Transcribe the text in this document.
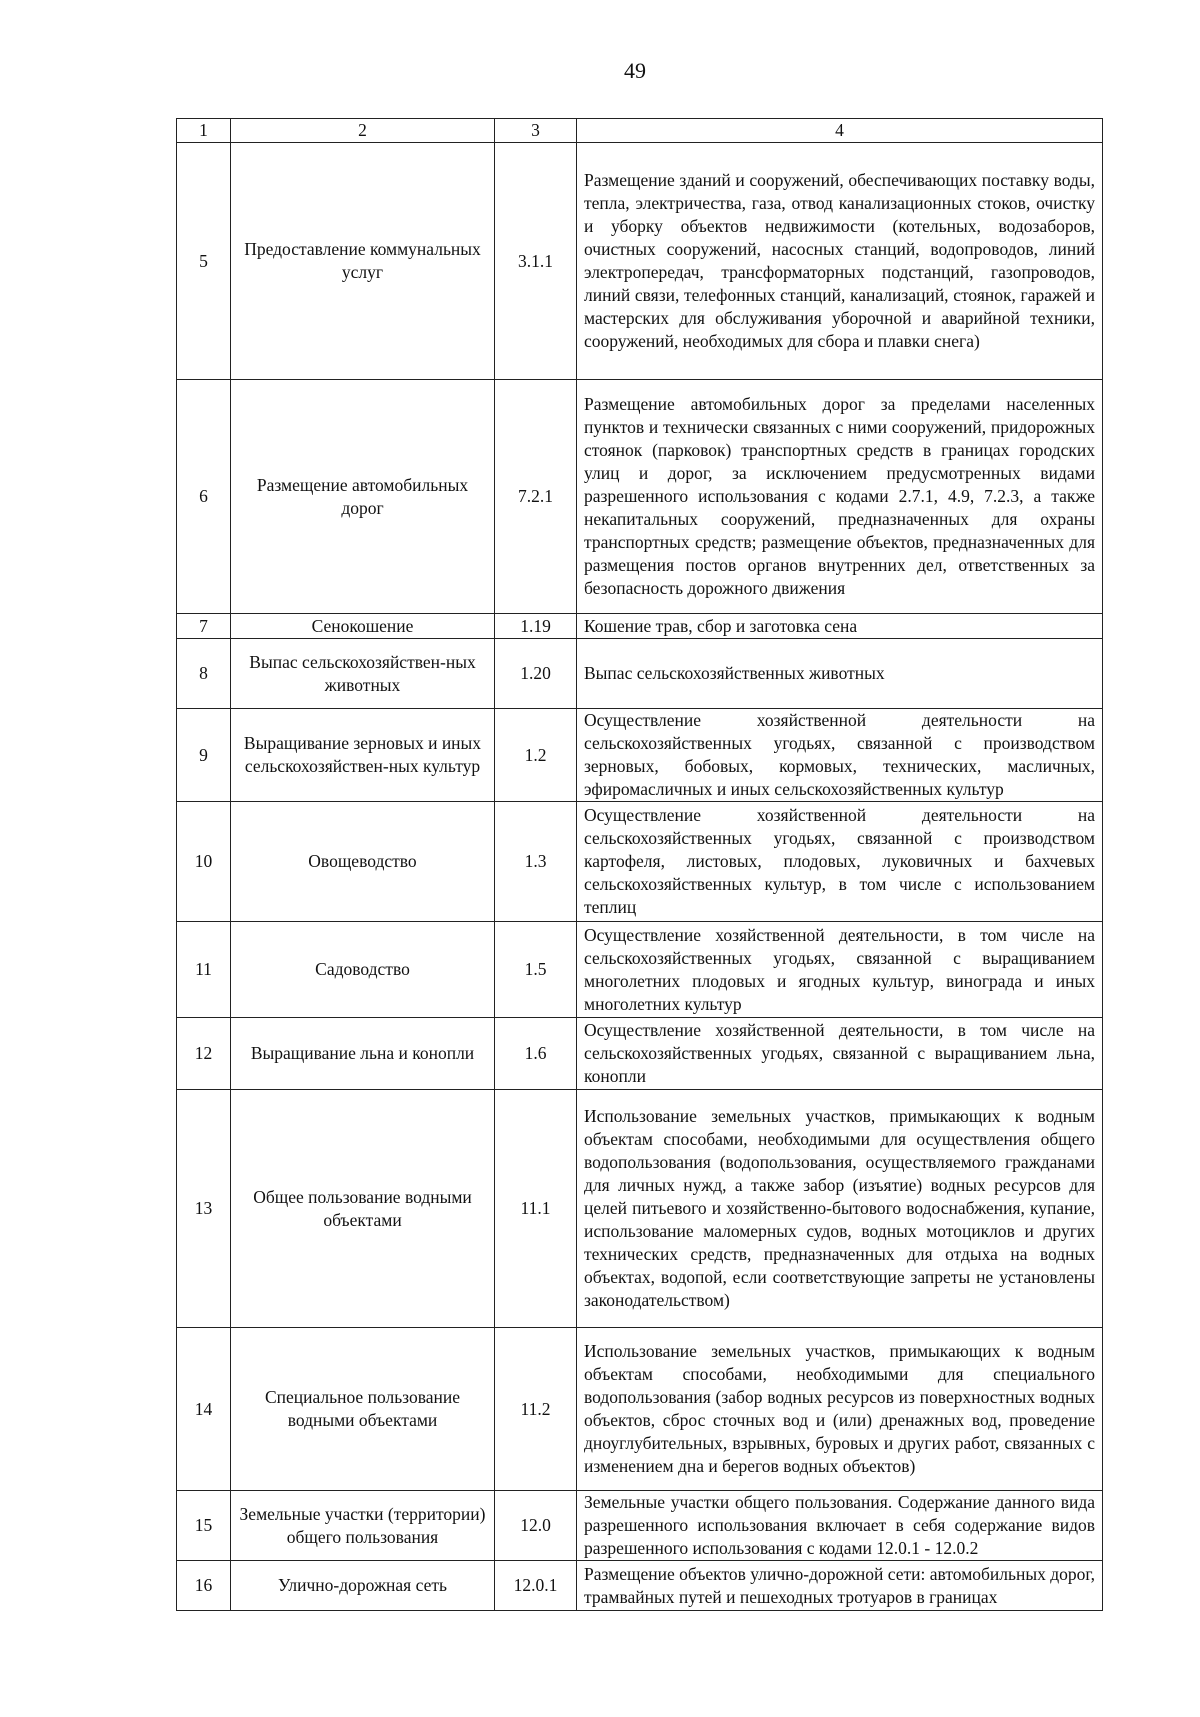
49
1	2	3	4
5	Предоставление коммунальных услуг	3.1.1	Размещение зданий и сооружений, обеспечивающих поставку воды, тепла, электричества, газа, отвод канализационных стоков, очистку и уборку объектов недвижимости (котельных, водозаборов, очистных сооружений, насосных станций, водопроводов, линий электропередач, трансформаторных подстанций, газопроводов, линий связи, телефонных станций, канализаций, стоянок, гаражей и мастерских для обслуживания уборочной и аварийной техники, сооружений, необходимых для сбора и плавки снега)
6	Размещение автомобильных дорог	7.2.1	Размещение автомобильных дорог за пределами населенных пунктов и технически связанных с ними сооружений, придорожных стоянок (парковок) транспортных средств в границах городских улиц и дорог, за исключением предусмотренных видами разрешенного использования с кодами 2.7.1, 4.9, 7.2.3, а также некапитальных сооружений, предназначенных для охраны транспортных средств; размещение объектов, предназначенных для размещения постов органов внутренних дел, ответственных за безопасность дорожного движения
7	Сенокошение	1.19	Кошение трав, сбор и заготовка сена
8	Выпас сельскохозяйствен-ных животных	1.20	Выпас сельскохозяйственных животных
9	Выращивание зерновых и иных сельскохозяйствен-ных культур	1.2	Осуществление хозяйственной деятельности на сельскохозяйственных угодьях, связанной с производством зерновых, бобовых, кормовых, технических, масличных, эфиромасличных и иных сельскохозяйственных культур
10	Овощеводство	1.3	Осуществление хозяйственной деятельности на сельскохозяйственных угодьях, связанной с производством картофеля, листовых, плодовых, луковичных и бахчевых сельскохозяйственных культур, в том числе с использованием теплиц
11	Садоводство	1.5	Осуществление хозяйственной деятельности, в том числе на сельскохозяйственных угодьях, связанной с выращиванием многолетних плодовых и ягодных культур, винограда и иных многолетних культур
12	Выращивание льна и конопли	1.6	Осуществление хозяйственной деятельности, в том числе на сельскохозяйственных угодьях, связанной с выращиванием льна, конопли
13	Общее пользование водными объектами	11.1	Использование земельных участков, примыкающих к водным объектам способами, необходимыми для осуществления общего водопользования (водопользования, осуществляемого гражданами для личных нужд, а также забор (изъятие) водных ресурсов для целей питьевого и хозяйственно-бытового водоснабжения, купание, использование маломерных судов, водных мотоциклов и других технических средств, предназначенных для отдыха на водных объектах, водопой, если соответствующие запреты не установлены законодательством)
14	Специальное пользование водными объектами	11.2	Использование земельных участков, примыкающих к водным объектам способами, необходимыми для специального водопользования (забор водных ресурсов из поверхностных водных объектов, сброс сточных вод и (или) дренажных вод, проведение дноуглубительных, взрывных, буровых и других работ, связанных с изменением дна и берегов водных объектов)
15	Земельные участки (территории) общего пользования	12.0	Земельные участки общего пользования. Содержание данного вида разрешенного использования включает в себя содержание видов разрешенного использования с кодами 12.0.1 - 12.0.2
16	Улично-дорожная сеть	12.0.1	Размещение объектов улично-дорожной сети: автомобильных дорог, трамвайных путей и пешеходных тротуаров в границах
